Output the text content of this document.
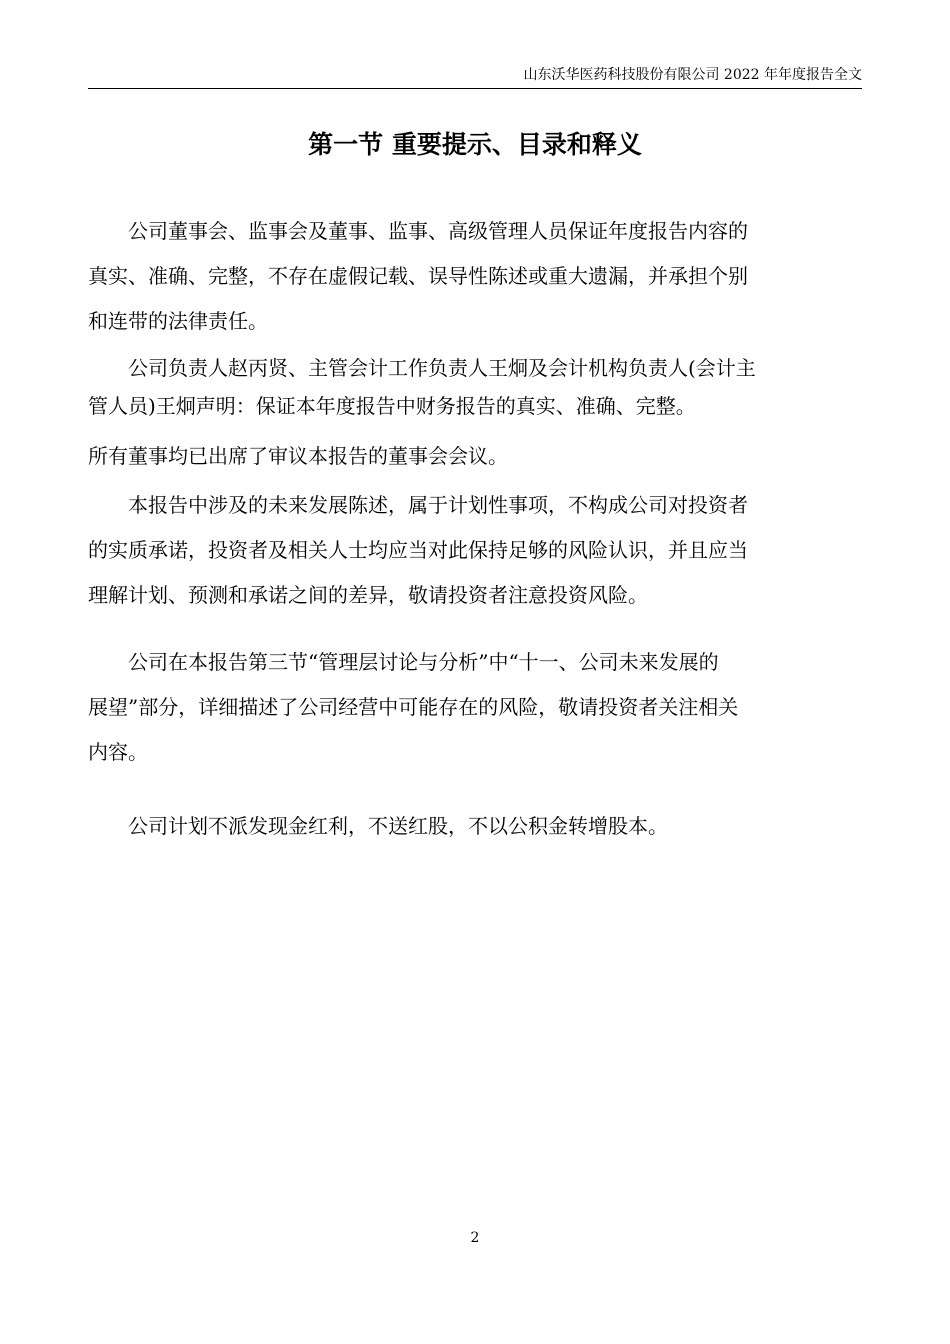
山东沃华医药科技股份有限公司 2022 年年度报告全文
第一节 重要提示、目录和释义

公司董事会、监事会及董事、监事、高级管理人员保证年度报告内容的
真实、准确、完整，不存在虚假记载、误导性陈述或重大遗漏，并承担个别
和连带的法律责任。

公司负责人赵丙贤、主管会计工作负责人王炯及会计机构负责人(会计主
管人员)王炯声明：保证本年度报告中财务报告的真实、准确、完整。

所有董事均已出席了审议本报告的董事会会议。

本报告中涉及的未来发展陈述，属于计划性事项，不构成公司对投资者
的实质承诺，投资者及相关人士均应当对此保持足够的风险认识，并且应当
理解计划、预测和承诺之间的差异，敬请投资者注意投资风险。

公司在本报告第三节“管理层讨论与分析”中“十一、公司未来发展的
展望”部分，详细描述了公司经营中可能存在的风险，敬请投资者关注相关
内容。

公司计划不派发现金红利，不送红股，不以公积金转增股本。

2
